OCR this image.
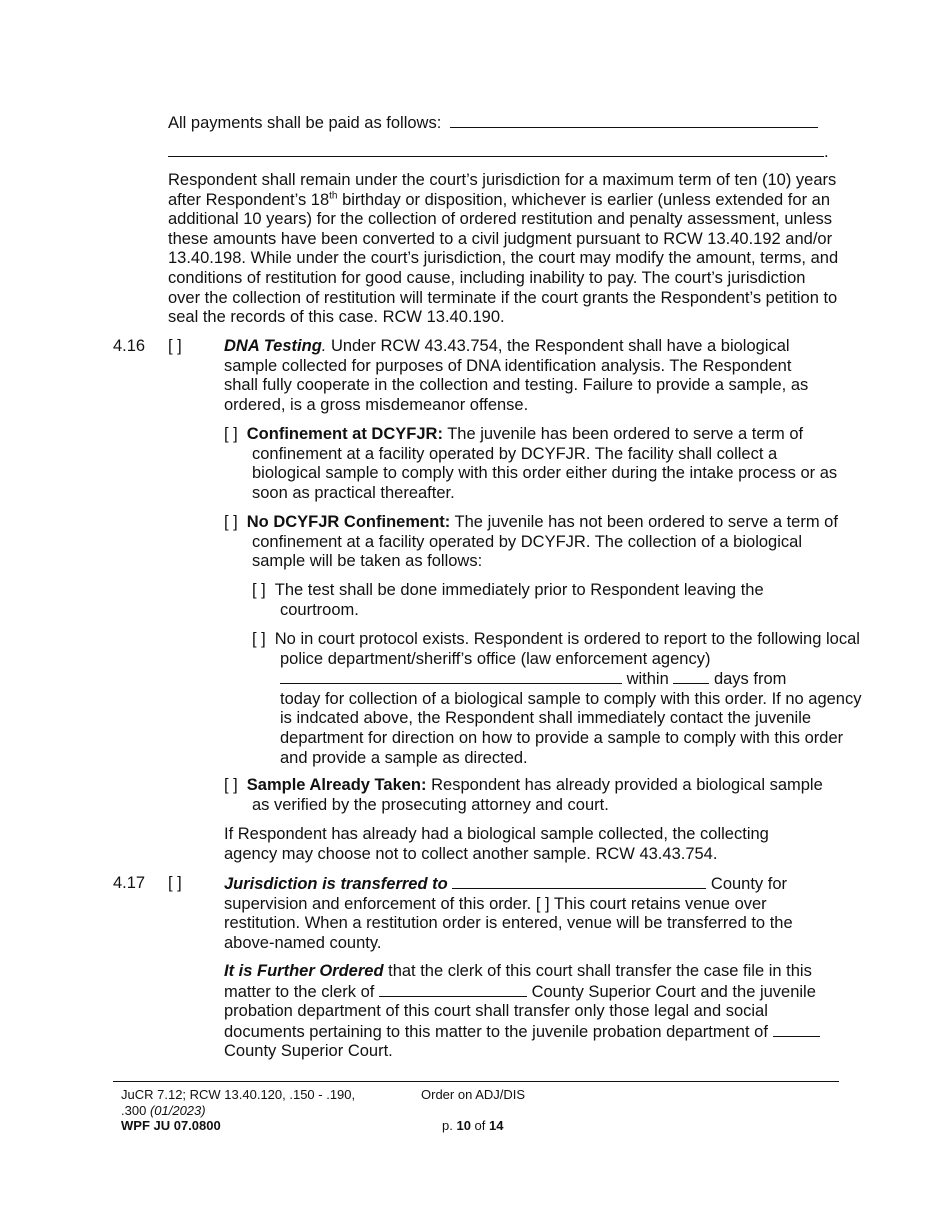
All payments shall be paid as follows:
.

Respondent shall remain under the court’s jurisdiction for a maximum term of ten (10) years after Respondent’s 18th birthday or disposition, whichever is earlier (unless extended for an additional 10 years) for the collection of ordered restitution and penalty assessment, unless these amounts have been converted to a civil judgment pursuant to RCW 13.40.192 and/or 13.40.198. While under the court’s jurisdiction, the court may modify the amount, terms, and conditions of restitution for good cause, including inability to pay. The court’s jurisdiction over the collection of restitution will terminate if the court grants the Respondent’s petition to seal the records of this case. RCW 13.40.190.

4.16 [ ]	DNA Testing. Under RCW 43.43.754, the Respondent shall have a biological sample collected for purposes of DNA identification analysis. The Respondent shall fully cooperate in the collection and testing. Failure to provide a sample, as ordered, is a gross misdemeanor offense.

[ ] Confinement at DCYFJR: The juvenile has been ordered to serve a term of confinement at a facility operated by DCYFJR. The facility shall collect a biological sample to comply with this order either during the intake process or as soon as practical thereafter.

[ ] No DCYFJR Confinement: The juvenile has not been ordered to serve a term of confinement at a facility operated by DCYFJR. The collection of a biological sample will be taken as follows:

[ ] The test shall be done immediately prior to Respondent leaving the courtroom.

[ ] No in court protocol exists. Respondent is ordered to report to the following local police department/sheriff’s office (law enforcement agency)
within  days from
today for collection of a biological sample to comply with this order. If no agency is indcated above, the Respondent shall immediately contact the juvenile department for direction on how to provide a sample to comply with this order and provide a sample as directed.

[ ] Sample Already Taken: Respondent has already provided a biological sample as verified by the prosecuting attorney and court.

If Respondent has already had a biological sample collected, the collecting agency may choose not to collect another sample. RCW 43.43.754.

4.17 [ ]	Jurisdiction is transferred to	County for
supervision and enforcement of this order. [ ] This court retains venue over restitution. When a restitution order is entered, venue will be transferred to the above-named county.

It is Further Ordered that the clerk of this court shall transfer the case file in this matter to the clerk of	County Superior Court and the juvenile probation department of this court shall transfer only those legal and social documents pertaining to this matter to the juvenile probation department of
County Superior Court.

JuCR 7.12; RCW 13.40.120, .150 - .190, .300 (01/2023)
WPF JU 07.0800
Order on ADJ/DIS
p. 10 of 14
